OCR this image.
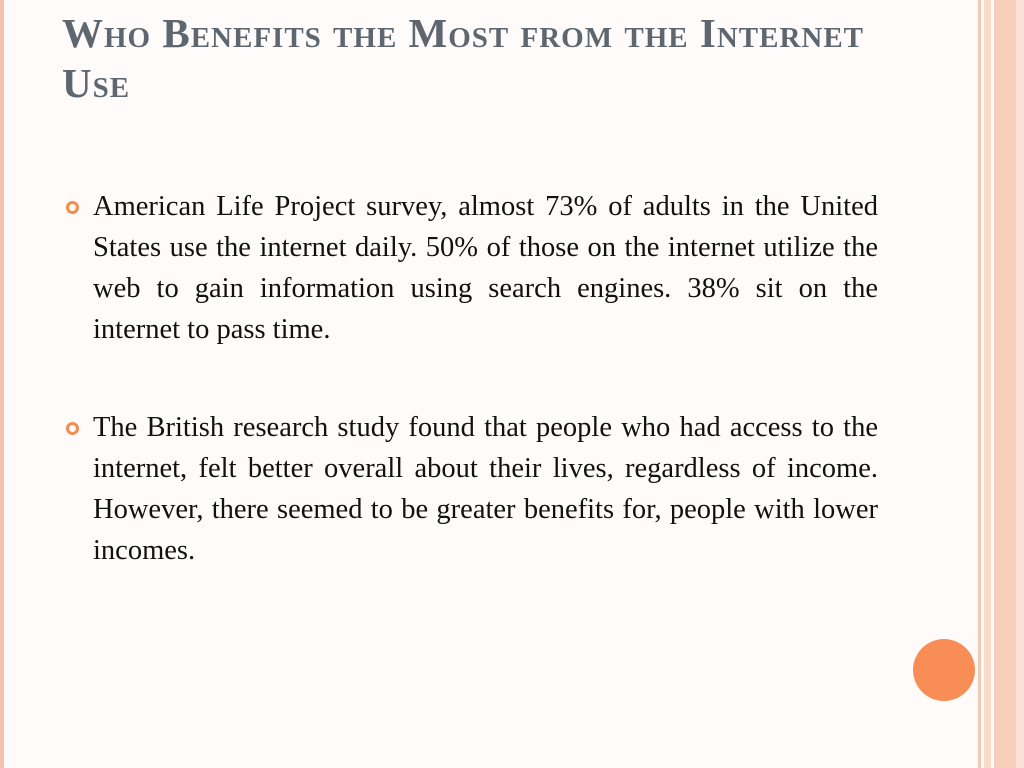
Who Benefits the Most from the Internet Use
American Life Project survey, almost 73% of adults in the United States use the internet daily. 50% of those on the internet utilize the web to gain information using search engines. 38% sit on the internet to pass time.
The British research study found that people who had access to the internet, felt better overall about their lives, regardless of income. However, there seemed to be greater benefits for, people with lower incomes.
